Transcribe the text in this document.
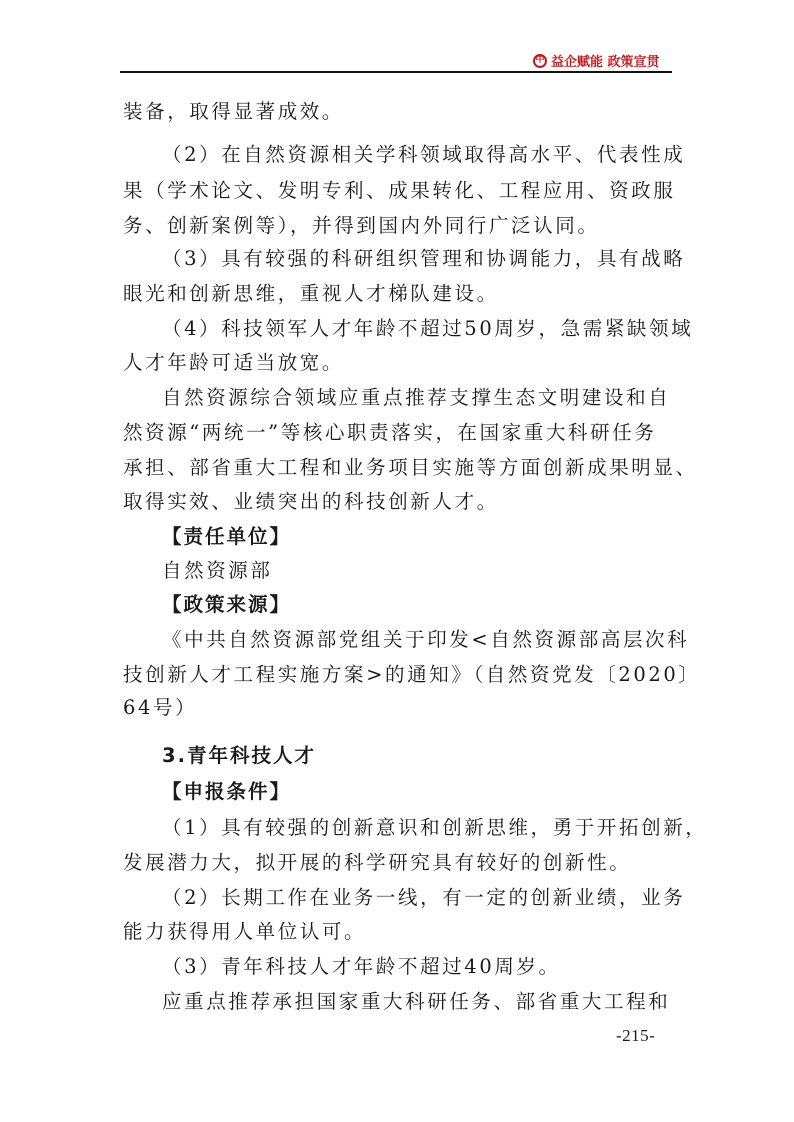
中 益企赋能 政策宣贯
装备，取得显著成效。
（2）在自然资源相关学科领域取得高水平、代表性成
果（学术论文、发明专利、成果转化、工程应用、资政服
务、创新案例等），并得到国内外同行广泛认同。
（3）具有较强的科研组织管理和协调能力，具有战略
眼光和创新思维，重视人才梯队建设。
（4）科技领军人才年龄不超过50周岁，急需紧缺领域
人才年龄可适当放宽。
自然资源综合领域应重点推荐支撑生态文明建设和自
然资源“两统一”等核心职责落实，在国家重大科研任务
承担、部省重大工程和业务项目实施等方面创新成果明显、
取得实效、业绩突出的科技创新人才。
【责任单位】
自然资源部
【政策来源】
《中共自然资源部党组关于印发<自然资源部高层次科
技创新人才工程实施方案>的通知》（自然资党发〔2020〕
64号）
3.青年科技人才
【申报条件】
（1）具有较强的创新意识和创新思维，勇于开拓创新，
发展潜力大，拟开展的科学研究具有较好的创新性。
（2）长期工作在业务一线，有一定的创新业绩，业务
能力获得用人单位认可。
（3）青年科技人才年龄不超过40周岁。
应重点推荐承担国家重大科研任务、部省重大工程和
-215-
